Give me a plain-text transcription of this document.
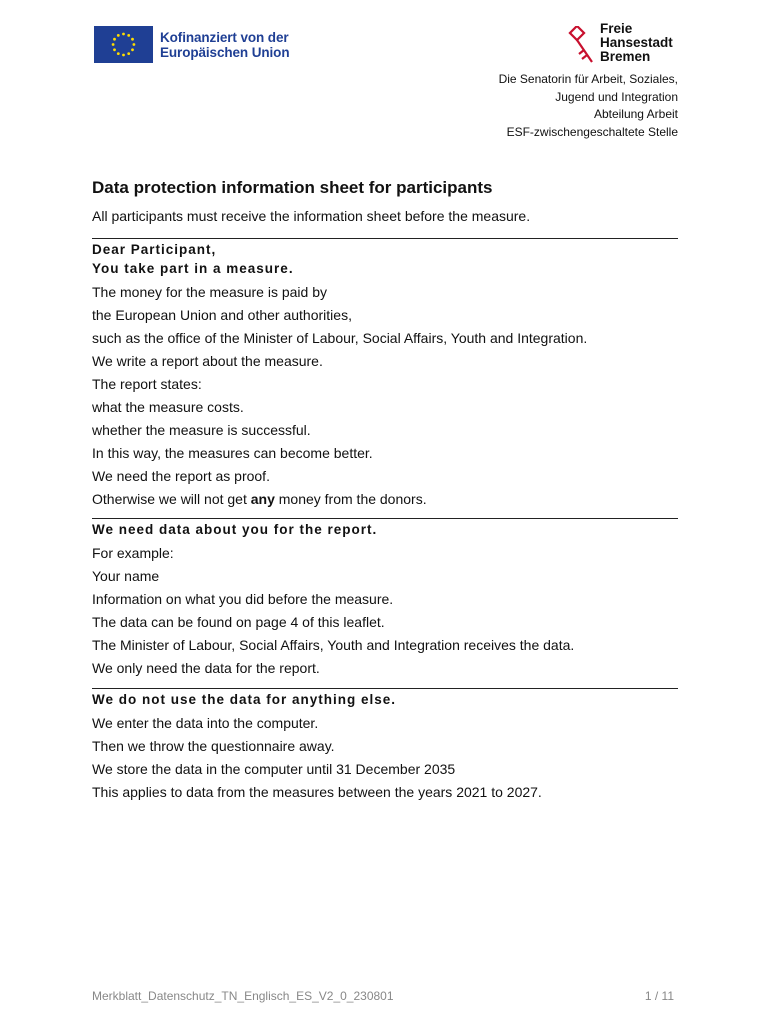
Kofinanziert von der
Europäischen Union
Freie
Hansestadt
Bremen
Die Senatorin für Arbeit, Soziales,
Jugend und Integration
Abteilung Arbeit
ESF-zwischengeschaltete Stelle
Data protection information sheet for participants
All participants must receive the information sheet before the measure.
Dear Participant,
You take part in a measure.
The money for the measure is paid by
the European Union and other authorities,
such as the office of the Minister of Labour, Social Affairs, Youth and Integration.
We write a report about the measure.
The report states:
what the measure costs.
whether the measure is successful.
In this way, the measures can become better.
We need the report as proof.
Otherwise we will not get any money from the donors.
We need data about you for the report.
For example:
Your name
Information on what you did before the measure.
The data can be found on page 4 of this leaflet.
The Minister of Labour, Social Affairs, Youth and Integration receives the data.
We only need the data for the report.
We do not use the data for anything else.
We enter the data into the computer.
Then we throw the questionnaire away.
We store the data in the computer until 31 December 2035
This applies to data from the measures between the years 2021 to 2027.
Merkblatt_Datenschutz_TN_Englisch_ES_V2_0_230801	1 / 11
